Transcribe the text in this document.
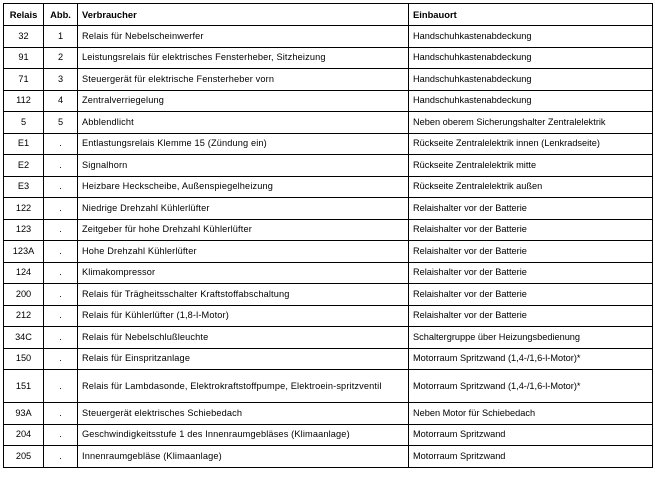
Relais	Abb.	Verbraucher	Einbauort
32	1	Relais für Nebelscheinwerfer	Handschuhkastenabdeckung
91	2	Leistungsrelais für elektrisches Fensterheber, Sitzheizung	Handschuhkastenabdeckung
71	3	Steuergerät für elektrische Fensterheber vorn	Handschuhkastenabdeckung
112	4	Zentralverriegelung	Handschuhkastenabdeckung
5	5	Abblendlicht	Neben oberem Sicherungshalter Zentralelektrik
E1	.	Entlastungsrelais Klemme 15 (Zündung ein)	Rückseite Zentralelektrik innen (Lenkradseite)
E2	.	Signalhorn	Rückseite Zentralelektrik mitte
E3	.	Heizbare Heckscheibe, Außenspiegelheizung	Rückseite Zentralelektrik außen
122	.	Niedrige Drehzahl Kühlerlüfter	Relaishalter vor der Batterie
123	.	Zeitgeber für hohe Drehzahl Kühlerlüfter	Relaishalter vor der Batterie
123A	.	Hohe Drehzahl Kühlerlüfter	Relaishalter vor der Batterie
124	.	Klimakompressor	Relaishalter vor der Batterie
200	.	Relais für Trägheitsschalter Kraftstoffabschaltung	Relaishalter vor der Batterie
212	.	Relais für Kühlerlüfter (1,8-l-Motor)	Relaishalter vor der Batterie
34C	.	Relais für Nebelschlußleuchte	Schaltergruppe über Heizungsbedienung
150	.	Relais für Einspritzanlage	Motorraum Spritzwand (1,4-/1,6-l-Motor)*
151	.	Relais für Lambdasonde, Elektrokraftstoffpumpe, Elektroein-spritzventil	Motorraum Spritzwand (1,4-/1,6-l-Motor)*
93A	.	Steuergerät elektrisches Schiebedach	Neben Motor für Schiebedach
204	.	Geschwindigkeitsstufe 1 des Innenraumgebläses (Klimaanlage)	Motorraum Spritzwand
205	.	Innenraumgebläse (Klimaanlage)	Motorraum Spritzwand
